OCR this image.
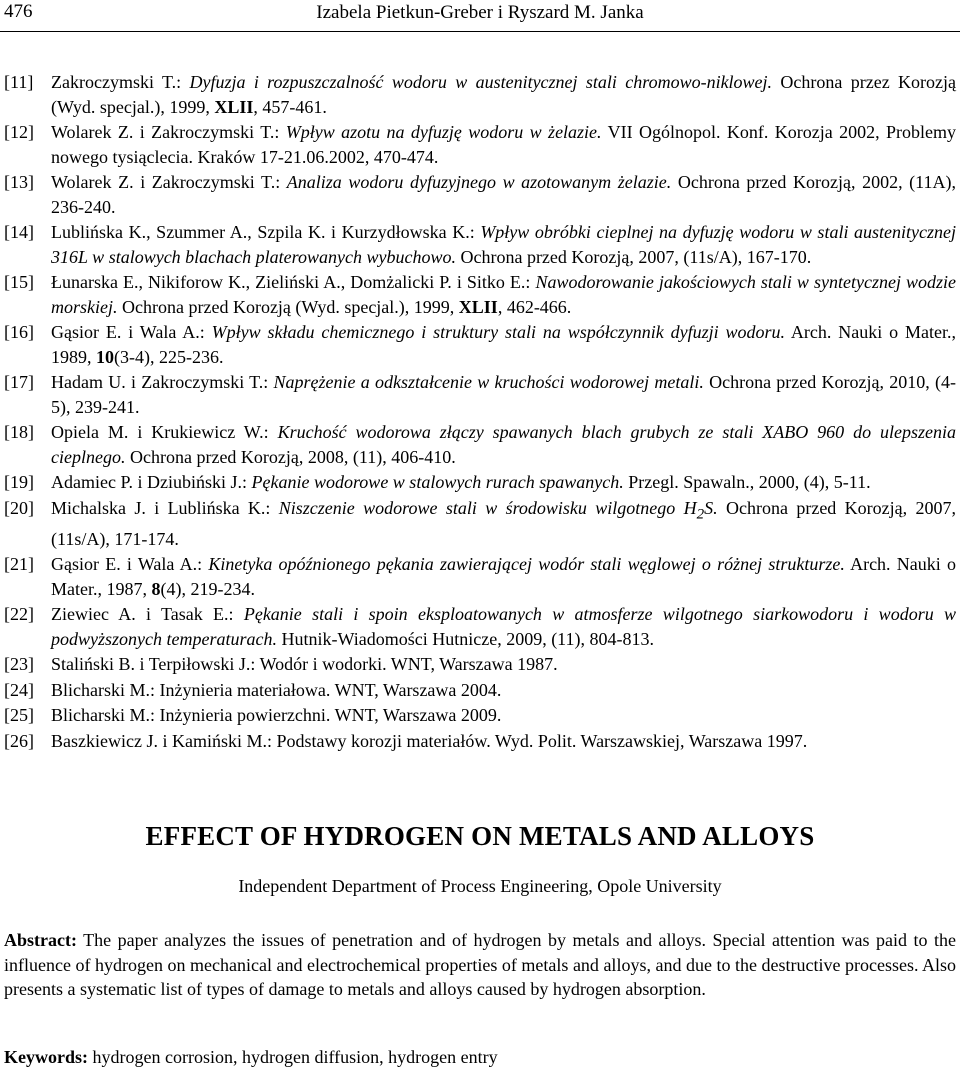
476	Izabela Pietkun-Greber i Ryszard M. Janka
[11] Zakroczymski T.: Dyfuzja i rozpuszczalność wodoru w austenitycznej stali chromowo-niklowej. Ochrona przez Korozją (Wyd. specjal.), 1999, XLII, 457-461.
[12] Wolarek Z. i Zakroczymski T.: Wpływ azotu na dyfuzję wodoru w żelazie. VII Ogólnopol. Konf. Korozja 2002, Problemy nowego tysiąclecia. Kraków 17-21.06.2002, 470-474.
[13] Wolarek Z. i Zakroczymski T.: Analiza wodoru dyfuzyjnego w azotowanym żelazie. Ochrona przed Korozją, 2002, (11A), 236-240.
[14] Lublińska K., Szummer A., Szpila K. i Kurzydłowska K.: Wpływ obróbki cieplnej na dyfuzję wodoru w stali austenitycznej 316L w stalowych blachach platerowanych wybuchowo. Ochrona przed Korozją, 2007, (11s/A), 167-170.
[15] Łunarska E., Nikiforow K., Zieliński A., Domżalicki P. i Sitko E.: Nawodorowanie jakościowych stali w syntetycznej wodzie morskiej. Ochrona przed Korozją (Wyd. specjal.), 1999, XLII, 462-466.
[16] Gąsior E. i Wala A.: Wpływ składu chemicznego i struktury stali na współczynnik dyfuzji wodoru. Arch. Nauki o Mater., 1989, 10(3-4), 225-236.
[17] Hadam U. i Zakroczymski T.: Naprężenie a odkształcenie w kruchości wodorowej metali. Ochrona przed Korozją, 2010, (4-5), 239-241.
[18] Opiela M. i Krukiewicz W.: Kruchość wodorowa złączy spawanych blach grubych ze stali XABO 960 do ulepszenia cieplnego. Ochrona przed Korozją, 2008, (11), 406-410.
[19] Adamiec P. i Dziubiński J.: Pękanie wodorowe w stalowych rurach spawanych. Przegl. Spawaln., 2000, (4), 5-11.
[20] Michalska J. i Lublińska K.: Niszczenie wodorowe stali w środowisku wilgotnego $H_2S$. Ochrona przed Korozją, 2007, (11s/A), 171-174.
[21] Gąsior E. i Wala A.: Kinetyka opóźnionego pękania zawierającej wodór stali węglowej o różnej strukturze. Arch. Nauki o Mater., 1987, 8(4), 219-234.
[22] Ziewiec A. i Tasak E.: Pękanie stali i spoin eksploatowanych w atmosferze wilgotnego siarkowodoru i wodoru w podwyższonych temperaturach. Hutnik-Wiadomości Hutnicze, 2009, (11), 804-813.
[23] Staliński B. i Terpiłowski J.: Wodór i wodorki. WNT, Warszawa 1987.
[24] Blicharski M.: Inżynieria materiałowa. WNT, Warszawa 2004.
[25] Blicharski M.: Inżynieria powierzchni. WNT, Warszawa 2009.
[26] Baszkiewicz J. i Kamiński M.: Podstawy korozji materiałów. Wyd. Polit. Warszawskiej, Warszawa 1997.
EFFECT OF HYDROGEN ON METALS AND ALLOYS
Independent Department of Process Engineering, Opole University
Abstract: The paper analyzes the issues of penetration and of hydrogen by metals and alloys. Special attention was paid to the influence of hydrogen on mechanical and electrochemical properties of metals and alloys, and due to the destructive processes. Also presents a systematic list of types of damage to metals and alloys caused by hydrogen absorption.
Keywords: hydrogen corrosion, hydrogen diffusion, hydrogen entry
